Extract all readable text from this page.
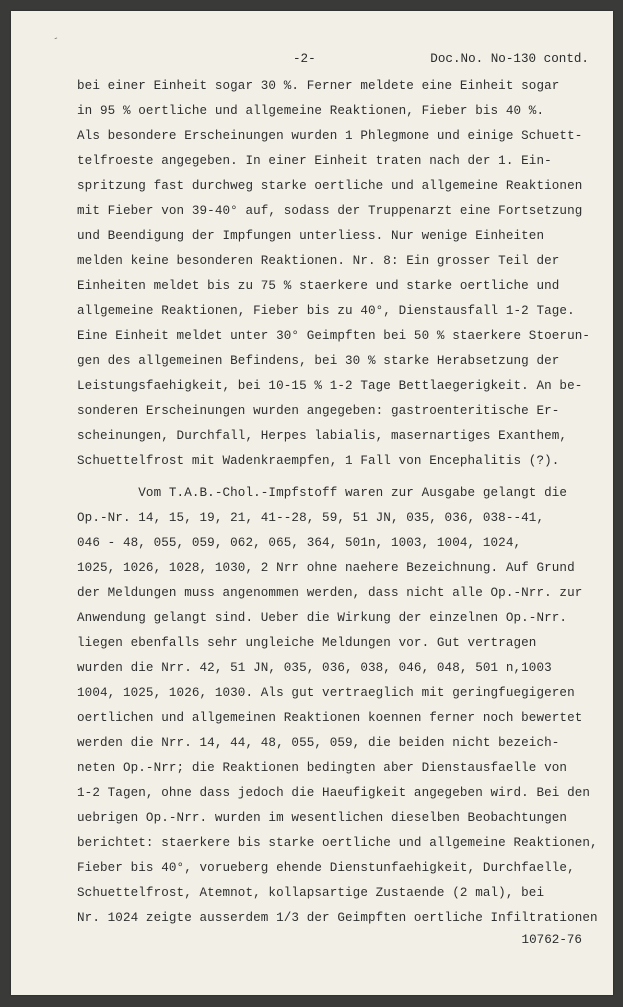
-
-2-	Doc.No. No-130 contd.
bei einer Einheit sogar 30 %. Ferner meldete eine Einheit sogar
in 95 % oertliche und allgemeine Reaktionen, Fieber bis 40 %.
Als besondere Erscheinungen wurden 1 Phlegmone und einige Schuett-
telfroeste angegeben. In einer Einheit traten nach der 1. Ein-
spritzung fast durchweg starke oertliche und allgemeine Reaktionen
mit Fieber von 39-40° auf, sodass der Truppenarzt eine Fortsetzung
und Beendigung der Impfungen unterliess. Nur wenige Einheiten
melden keine besonderen Reaktionen. Nr. 8: Ein grosser Teil der
Einheiten meldet bis zu 75 % staerkere und starke oertliche und
allgemeine Reaktionen, Fieber bis zu 40°, Dienstausfall 1-2 Tage.
Eine Einheit meldet unter 30° Geimpften bei 50 % staerkere Stoerun-
gen des allgemeinen Befindens, bei 30 % starke Herabsetzung der
Leistungsfaehigkeit, bei 10-15 % 1-2 Tage Bettlaegerigkeit. An be-
sonderen Erscheinungen wurden angegeben: gastroenteritische Er-
scheinungen, Durchfall, Herpes labialis, masernartiges Exanthem,
Schuettelfrost mit Wadenkraempfen, 1 Fall von Encephalitis (?).
Vom T.A.B.-Chol.-Impfstoff waren zur Ausgabe gelangt die
Op.-Nr. 14, 15, 19, 21, 41--28, 59, 51 JN, 035, 036, 038--41,
046 - 48, 055, 059, 062, 065, 364, 501n, 1003, 1004, 1024,
1025, 1026, 1028, 1030, 2 Nrr ohne naehere Bezeichnung. Auf Grund
der Meldungen muss angenommen werden, dass nicht alle Op.-Nrr. zur
Anwendung gelangt sind. Ueber die Wirkung der einzelnen Op.-Nrr.
liegen ebenfalls sehr ungleiche Meldungen vor. Gut vertragen
wurden die Nrr. 42, 51 JN, 035, 036, 038, 046, 048, 501 n,1003
1004, 1025, 1026, 1030. Als gut vertraeglich mit geringfuegigeren
oertlichen und allgemeinen Reaktionen koennen ferner noch bewertet
werden die Nrr. 14, 44, 48, 055, 059, die beiden nicht bezeich-
neten Op.-Nrr; die Reaktionen bedingten aber Dienstausfaelle von
1-2 Tagen, ohne dass jedoch die Haeufigkeit angegeben wird. Bei den
uebrigen Op.-Nrr. wurden im wesentlichen dieselben Beobachtungen
berichtet: staerkere bis starke oertliche und allgemeine Reaktionen,
Fieber bis 40°, vorueberg ehende Dienstunfaehigkeit, Durchfaelle,
Schuettelfrost, Atemnot, kollapsartige Zustaende (2 mal), bei
Nr. 1024 zeigte ausserdem 1/3 der Geimpften oertliche Infiltrationen
10762-76
